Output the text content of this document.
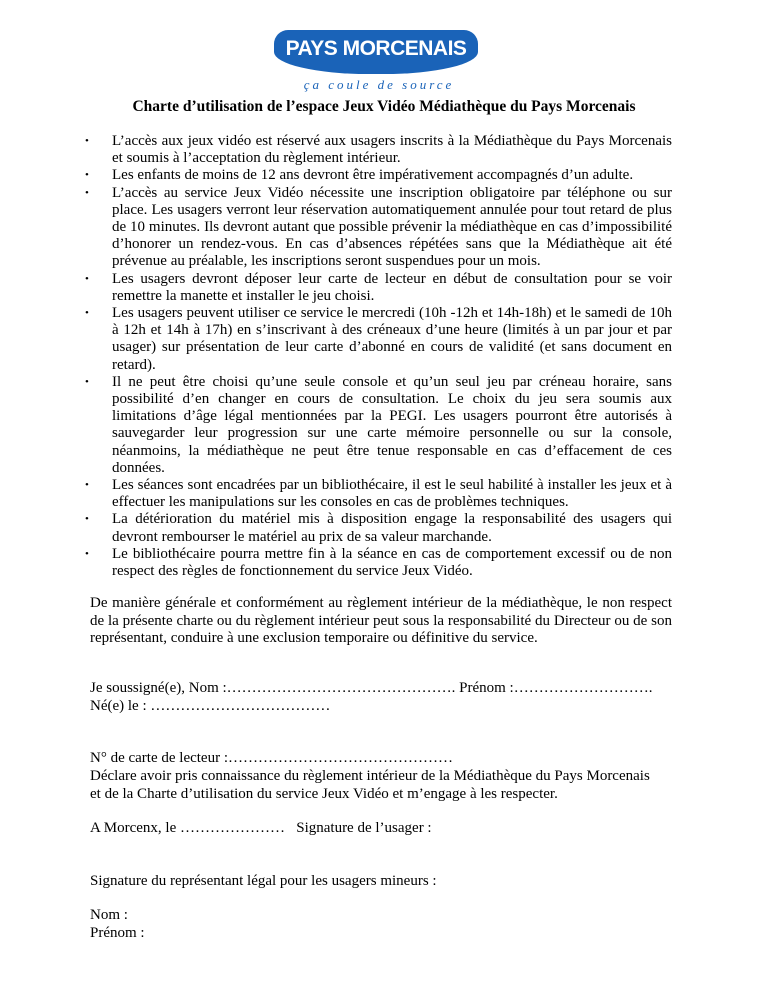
PAYS MORCENAIS
ça coule de source
Charte d’utilisation de l’espace Jeux Vidéo Médiathèque du Pays Morcenais
• L’accès aux jeux vidéo est réservé aux usagers inscrits à la Médiathèque du Pays Morcenais et soumis à l’acceptation du règlement intérieur.
• Les enfants de moins de 12 ans devront être impérativement accompagnés d’un adulte.
• L’accès au service Jeux Vidéo nécessite une inscription obligatoire par téléphone ou sur place. Les usagers verront leur réservation automatiquement annulée pour tout retard de plus de 10 minutes. Ils devront autant que possible prévenir la médiathèque en cas d’impossibilité d’honorer un rendez-vous. En cas d’absences répétées sans que la Médiathèque ait été prévenue au préalable, les inscriptions seront suspendues pour un mois.
• Les usagers devront déposer leur carte de lecteur en début de consultation pour se voir remettre la manette et installer le jeu choisi.
• Les usagers peuvent utiliser ce service le mercredi (10h -12h et 14h-18h) et le samedi de 10h à 12h et 14h à 17h) en s’inscrivant à des créneaux d’une heure (limités à un par jour et par usager) sur présentation de leur carte d’abonné en cours de validité (et sans document en retard).
• Il ne peut être choisi qu’une seule console et qu’un seul jeu par créneau horaire, sans possibilité d’en changer en cours de consultation. Le choix du jeu sera soumis aux limitations d’âge légal mentionnées par la PEGI. Les usagers pourront être autorisés à sauvegarder leur progression sur une carte mémoire personnelle ou sur la console, néanmoins, la médiathèque ne peut être tenue responsable en cas d’effacement de ces données.
• Les séances sont encadrées par un bibliothécaire, il est le seul habilité à installer les jeux et à effectuer les manipulations sur les consoles en cas de problèmes techniques.
• La détérioration du matériel mis à disposition engage la responsabilité des usagers qui devront rembourser le matériel au prix de sa valeur marchande.
• Le bibliothécaire pourra mettre fin à la séance en cas de comportement excessif ou de non respect des règles de fonctionnement du service Jeux Vidéo.

De manière générale et conformément au règlement intérieur de la médiathèque, le non respect de la présente charte ou du règlement intérieur peut sous la responsabilité du Directeur ou de son représentant, conduire à une exclusion temporaire ou définitive du service.

Je soussigné(e), Nom :………………………………………. Prénom :……………………….

Né(e) le : ………………………………

N° de carte de lecteur :………………………………………

Déclare avoir pris connaissance du règlement intérieur de la Médiathèque du Pays Morcenais

et de la Charte d’utilisation du service Jeux Vidéo et m’engage à les respecter.

A Morcenx, le …………………   Signature de l’usager :

Signature du représentant légal pour les usagers mineurs :

Nom :

Prénom :
